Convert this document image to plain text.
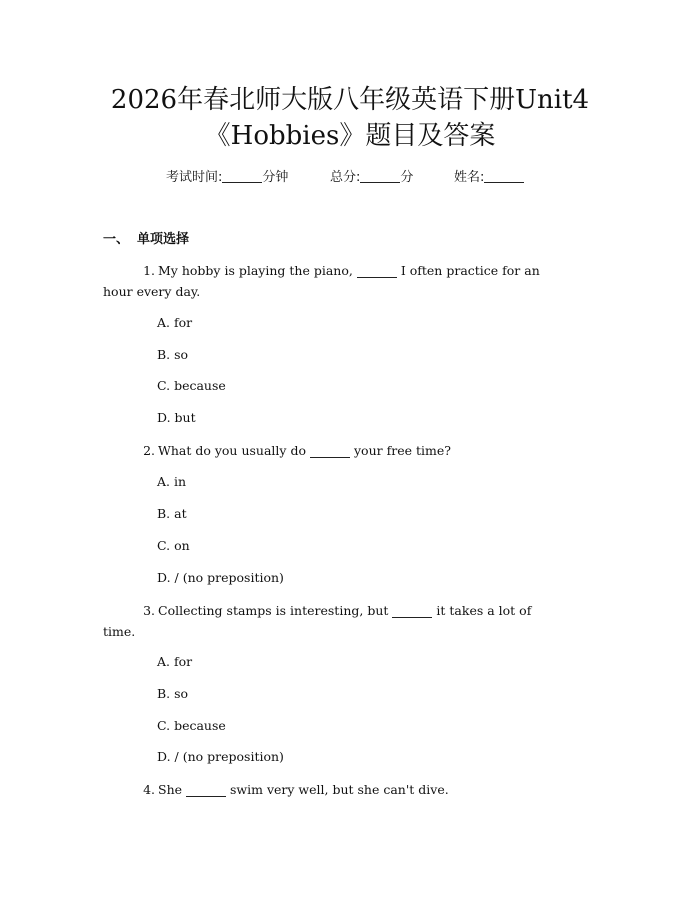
2026年春北师大版八年级英语下册Unit4
《Hobbies》题目及答案
考试时间:	分钟	总分:	分	姓名:
一、 单项选择
1. My hobby is playing the piano,	I often practice for an
hour every day.
A. for
B. so
C. because
D. but
2. What do you usually do	your free time?
A. in
B. at
C. on
D. / (no preposition)
3. Collecting stamps is interesting, but	it takes a lot of
time.
A. for
B. so
C. because
D. / (no preposition)
4. She	swim very well, but she can't dive.
